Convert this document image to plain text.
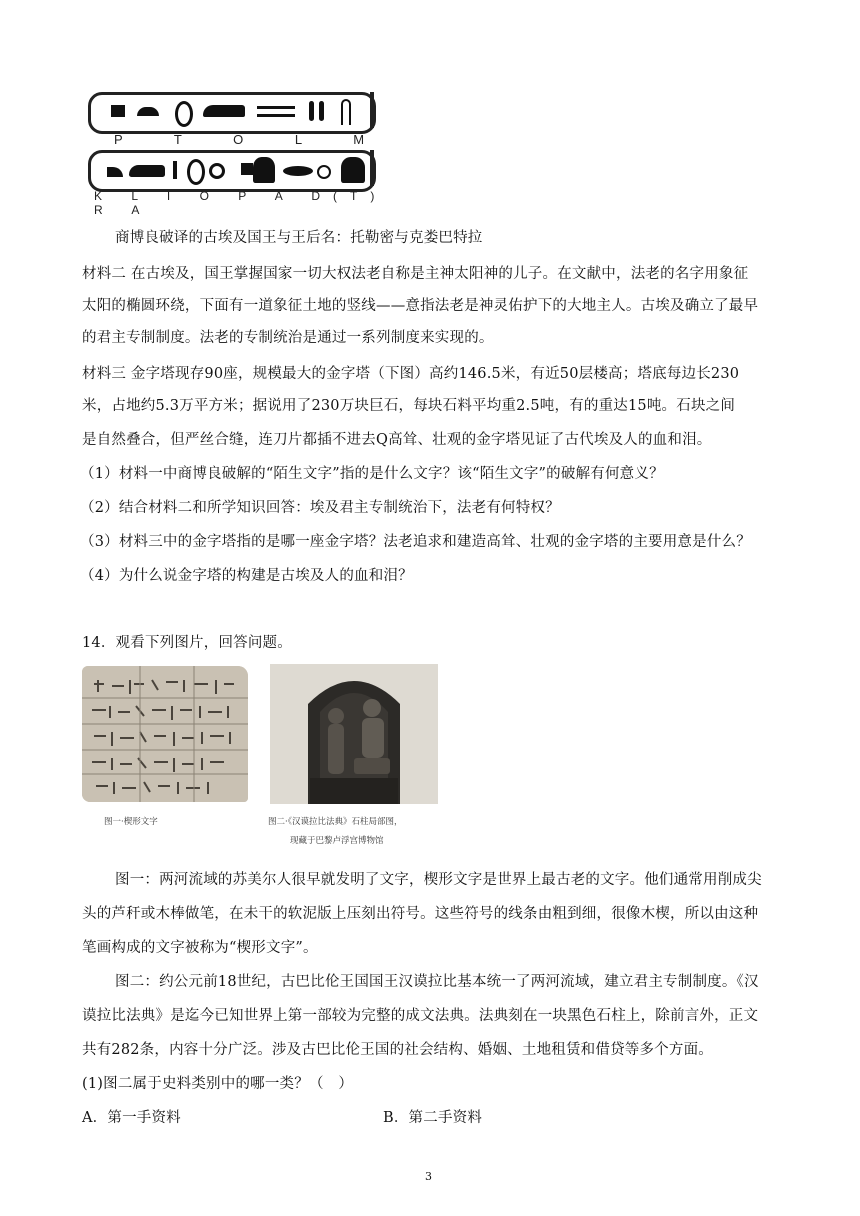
P T O L M
K L I O P A D(T) R A
商博良破译的古埃及国王与王后名：托勒密与克娄巴特拉
材料二 在古埃及，国王掌握国家一切大权法老自称是主神太阳神的儿子。在文献中，法老的名字用象征
太阳的椭圆环绕，下面有一道象征土地的竖线——意指法老是神灵佑护下的大地主人。古埃及确立了最早
的君主专制制度。法老的专制统治是通过一系列制度来实现的。
材料三 金字塔现存90座，规模最大的金字塔（下图）高约146.5米，有近50层楼高；塔底每边长230
米，占地约5.3万平方米；据说用了230万块巨石，每块石料平均重2.5吨，有的重达15吨。石块之间
是自然叠合，但严丝合缝，连刀片都插不进去Q高耸、壮观的金字塔见证了古代埃及人的血和泪。
（1）材料一中商博良破解的“陌生文字”指的是什么文字？该“陌生文字”的破解有何意义？
（2）结合材料二和所学知识回答：埃及君主专制统治下，法老有何特权？
（3）材料三中的金字塔指的是哪一座金字塔？法老追求和建造高耸、壮观的金字塔的主要用意是什么？
（4）为什么说金字塔的构建是古埃及人的血和泪？
14．观看下列图片，回答问题。
图一·楔形文字	图二·《汉谟拉比法典》石柱局部图，
现藏于巴黎卢浮宫博物馆
图一：两河流域的苏美尔人很早就发明了文字，楔形文字是世界上最古老的文字。他们通常用削成尖
头的芦秆或木棒做笔，在未干的软泥版上压刻出符号。这些符号的线条由粗到细，很像木楔，所以由这种
笔画构成的文字被称为“楔形文字”。
图二：约公元前18世纪，古巴比伦王国国王汉谟拉比基本统一了两河流域，建立君主专制制度。《汉
谟拉比法典》是迄今已知世界上第一部较为完整的成文法典。法典刻在一块黑色石柱上，除前言外，正文
共有282条，内容十分广泛。涉及古巴比伦王国的社会结构、婚姻、土地租赁和借贷等多个方面。
(1)图二属于史料类别中的哪一类？（　）
A．第一手资料	B．第二手资料
3
